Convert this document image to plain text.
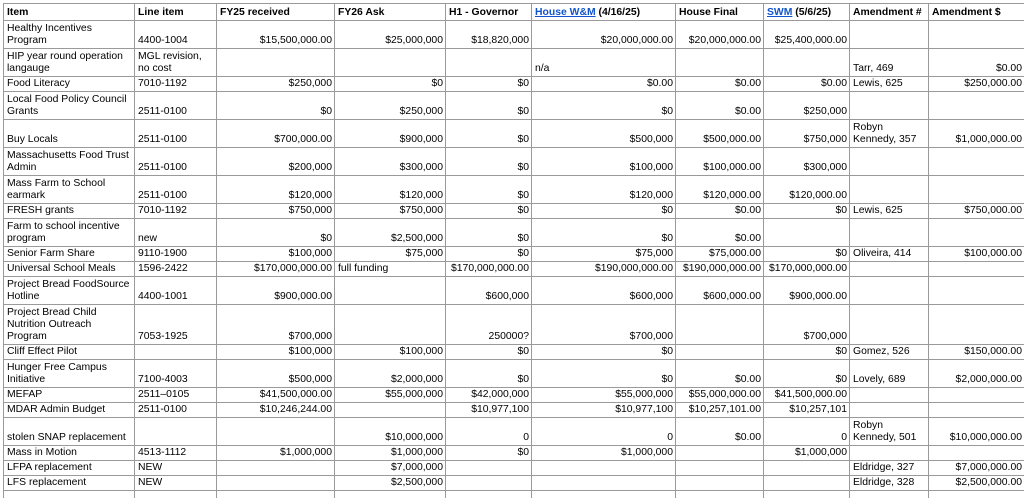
Item	Line item	FY25 received	FY26 Ask	H1 - Governor	House W&M (4/16/25)	House Final	SWM (5/6/25)	Amendment #	Amendment $
Healthy Incentives Program	4400-1004	$15,500,000.00	$25,000,000	$18,820,000	$20,000,000.00	$20,000,000.00	$25,400,000.00		
HIP year round operation langauge	MGL revision, no cost				n/a			Tarr, 469	$0.00
Food Literacy	7010-1192	$250,000	$0	$0	$0.00	$0.00	$0.00	Lewis, 625	$250,000.00
Local Food Policy Council Grants	2511-0100	$0	$250,000	$0	$0	$0.00	$250,000		
Buy Locals	2511-0100	$700,000.00	$900,000	$0	$500,000	$500,000.00	$750,000	Robyn Kennedy, 357	$1,000,000.00
Massachusetts Food Trust Admin	2511-0100	$200,000	$300,000	$0	$100,000	$100,000.00	$300,000		
Mass Farm to School earmark	2511-0100	$120,000	$120,000	$0	$120,000	$120,000.00	$120,000.00		
FRESH grants	7010-1192	$750,000	$750,000	$0	$0	$0.00	$0	Lewis, 625	$750,000.00
Farm to school incentive program	new	$0	$2,500,000	$0	$0	$0.00			
Senior Farm Share	9110-1900	$100,000	$75,000	$0	$75,000	$75,000.00	$0	Oliveira, 414	$100,000.00
Universal School Meals	1596-2422	$170,000,000.00	full funding	$170,000,000.00	$190,000,000.00	$190,000,000.00	$170,000,000.00		
Project Bread FoodSource Hotline	4400-1001	$900,000.00		$600,000	$600,000	$600,000.00	$900,000.00		
Project Bread Child Nutrition Outreach Program	7053-1925	$700,000		250000?	$700,000		$700,000		
Cliff Effect Pilot		$100,000	$100,000	$0	$0		$0	Gomez, 526	$150,000.00
Hunger Free Campus Initiative	7100-4003	$500,000	$2,000,000	$0	$0	$0.00	$0	Lovely, 689	$2,000,000.00
MEFAP	2511–0105	$41,500,000.00	$55,000,000	$42,000,000	$55,000,000	$55,000,000.00	$41,500,000.00		
MDAR Admin Budget	2511-0100	$10,246,244.00		$10,977,100	$10,977,100	$10,257,101.00	$10,257,101		
stolen SNAP replacement			$10,000,000	0	0	$0.00	0	Robyn Kennedy, 501	$10,000,000.00
Mass in Motion	4513-1112	$1,000,000	$1,000,000	$0	$1,000,000		$1,000,000		
LFPA replacement	NEW		$7,000,000					Eldridge, 327	$7,000,000.00
LFS replacement	NEW		$2,500,000					Eldridge, 328	$2,500,000.00
